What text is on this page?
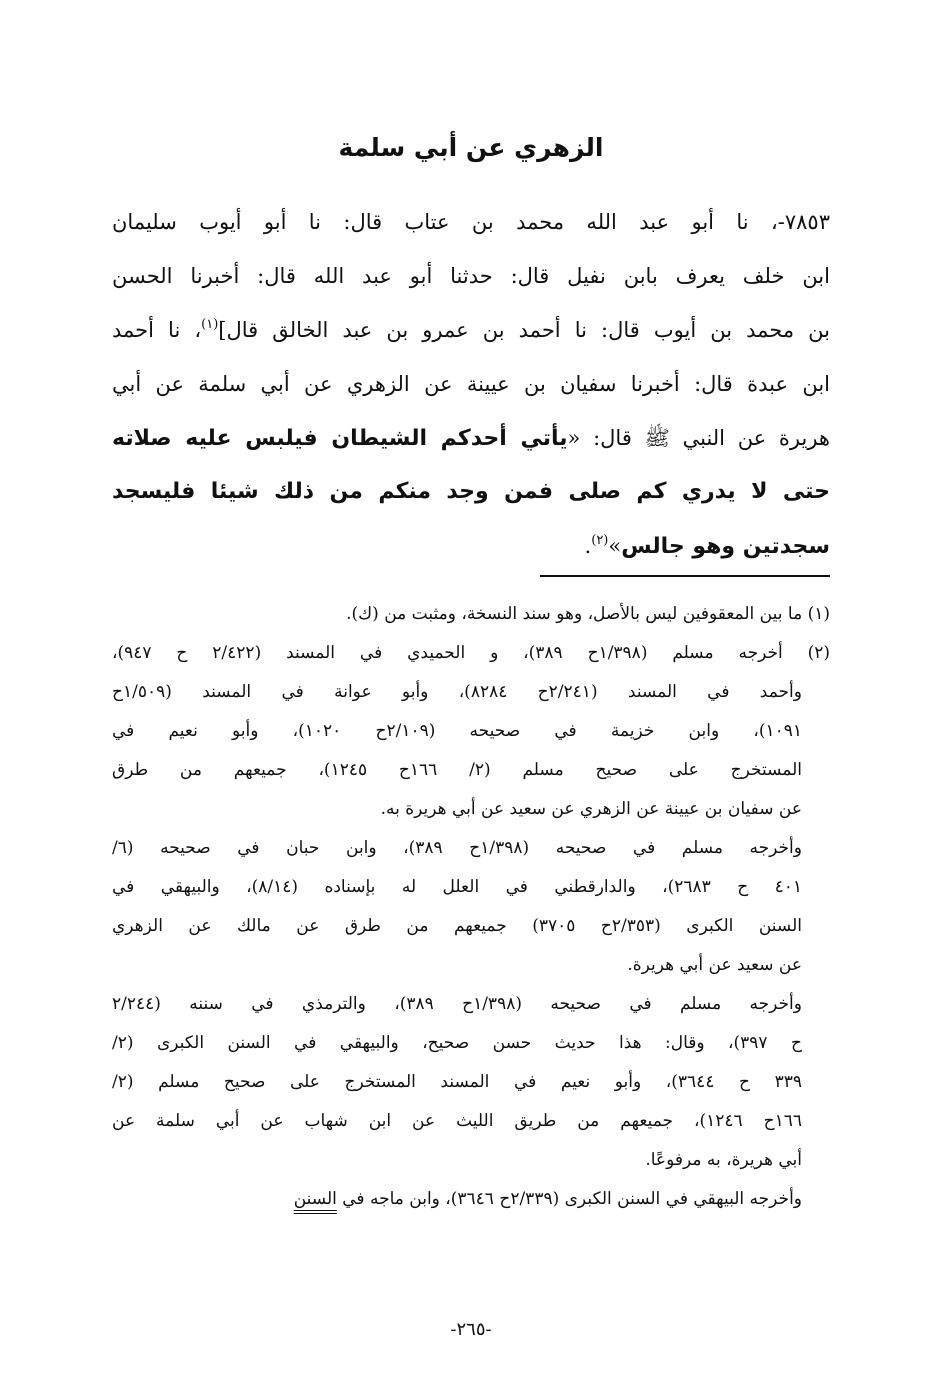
الزهري عن أبي سلمة
٧٨٥٣-، نا أبو عبد الله محمد بن عتاب قال: نا أبو أيوب سليمان
ابن خلف يعرف بابن نفيل قال: حدثنا أبو عبد الله قال: أخبرنا الحسن
بن محمد بن أيوب قال: نا أحمد بن عمرو بن عبد الخالق قال]$^{(١)}$، نا أحمد
ابن عبدة قال: أخبرنا سفيان بن عيينة عن الزهري عن أبي سلمة عن أبي
هريرة عن النبي ﷺ قال: «يأتي أحدكم الشيطان فيلبس عليه صلاته
حتى لا يدري كم صلى فمن وجد منكم من ذلك شيئا فليسجد
سجدتين وهو جالس»$^{(٢)}$.
(١) ما بين المعقوفين ليس بالأصل، وهو سند النسخة، ومثبت من (ك).
(٢) أخرجه مسلم (١/٣٩٨ح ٣٨٩)، و الحميدي في المسند (٢/٤٢٢ ح ٩٤٧)،
وأحمد في المسند (٢/٢٤١ح ٨٢٨٤)، وأبو عوانة في المسند (١/٥٠٩ح
١٠٩١)، وابن خزيمة في صحيحه (٢/١٠٩ح ١٠٢٠)، وأبو نعيم في
المستخرج على صحيح مسلم (٢/ ١٦٦ح ١٢٤٥)، جميعهم من طرق
عن سفيان بن عيينة عن الزهري عن سعيد عن أبي هريرة به.
وأخرجه مسلم في صحيحه (١/٣٩٨ح ٣٨٩)، وابن حبان في صحيحه (٦/
٤٠١ ح ٢٦٨٣)، والدارقطني في العلل له بإسناده (٨/١٤)، والبيهقي في
السنن الكبرى (٢/٣٥٣ح ٣٧٠٥) جميعهم من طرق عن مالك عن الزهري
عن سعيد عن أبي هريرة.
وأخرجه مسلم في صحيحه (١/٣٩٨ح ٣٨٩)، والترمذي في سننه (٢/٢٤٤
ح ٣٩٧)، وقال: هذا حديث حسن صحيح، والبيهقي في السنن الكبرى (٢/
٣٣٩ ح ٣٦٤٤)، وأبو نعيم في المسند المستخرج على صحيح مسلم (٢/
١٦٦ح ١٢٤٦)، جميعهم من طريق الليث عن ابن شهاب عن أبي سلمة عن
أبي هريرة، به مرفوعًا.
وأخرجه البيهقي في السنن الكبرى (٢/٣٣٩ح ٣٦٤٦)، وابن ماجه في السنن
-٢٦٥-
